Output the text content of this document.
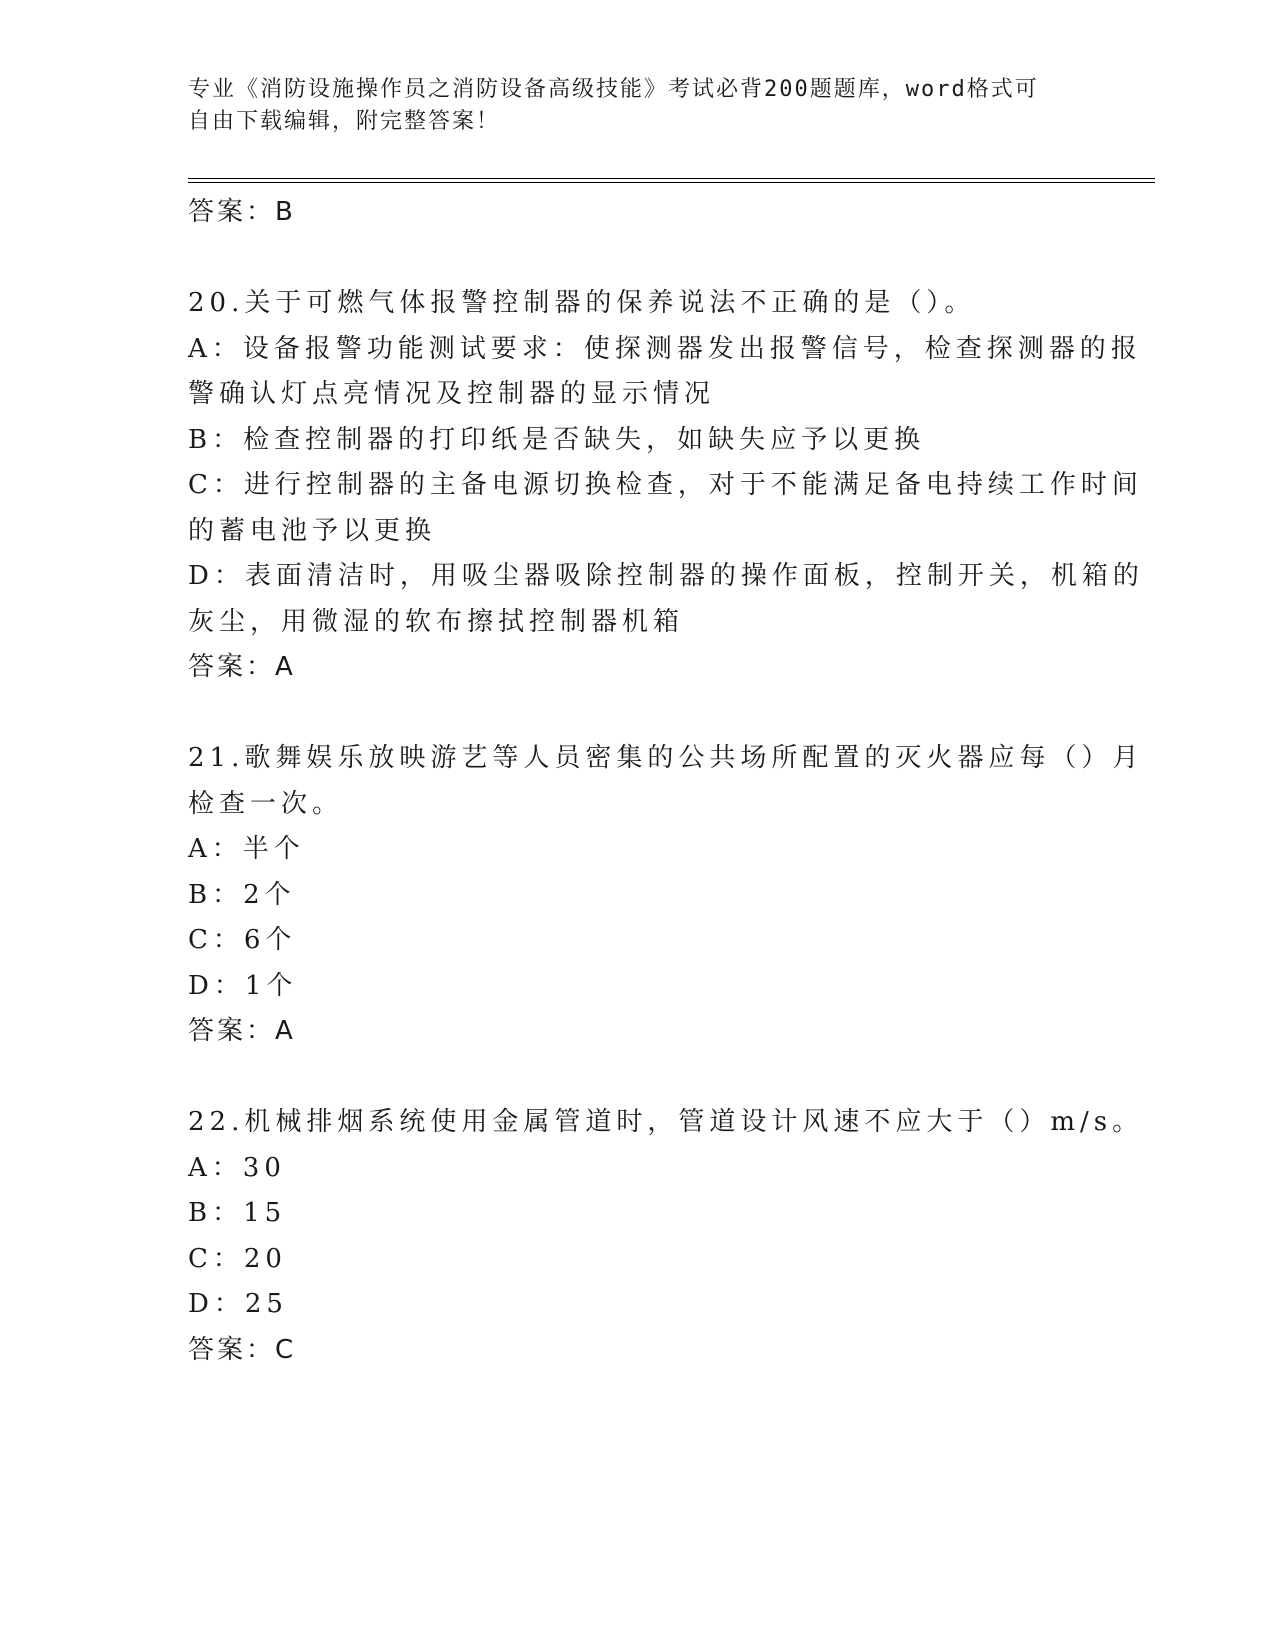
专业《消防设施操作员之消防设备高级技能》考试必背200题题库，word格式可
自由下载编辑，附完整答案！
答案：B
20.关于可燃气体报警控制器的保养说法不正确的是（）。
A：设备报警功能测试要求：使探测器发出报警信号，检查探测器的报
警确认灯点亮情况及控制器的显示情况
B：检查控制器的打印纸是否缺失，如缺失应予以更换
C：进行控制器的主备电源切换检查，对于不能满足备电持续工作时间
的蓄电池予以更换
D：表面清洁时，用吸尘器吸除控制器的操作面板，控制开关，机箱的
灰尘，用微湿的软布擦拭控制器机箱
答案：A
21.歌舞娱乐放映游艺等人员密集的公共场所配置的灭火器应每（）月
检查一次。
A：半个
B：2个
C：6个
D：1个
答案：A
22.机械排烟系统使用金属管道时，管道设计风速不应大于（）m/s。
A：30
B：15
C：20
D：25
答案：C
